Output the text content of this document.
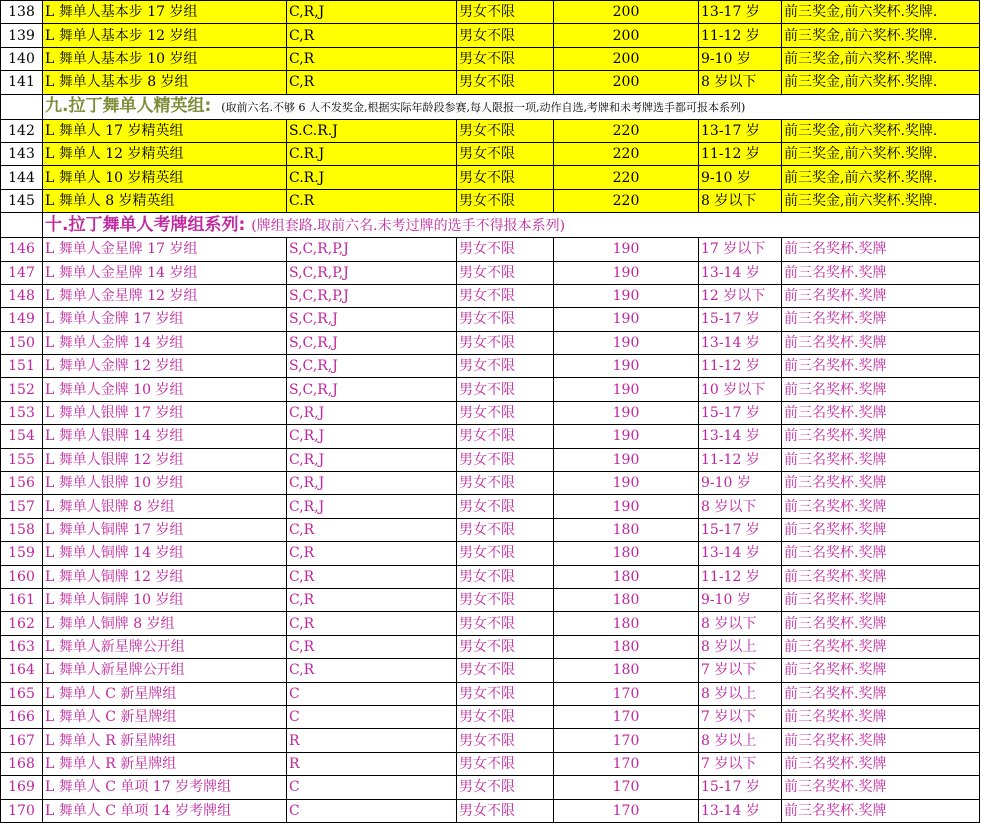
138	L 舞单人基本步 17 岁组	C,R,J	男女不限	200	13-17 岁	前三奖金,前六奖杯.奖牌.
139	L 舞单人基本步 12 岁组	C,R	男女不限	200	11-12 岁	前三奖金,前六奖杯.奖牌.
140	L 舞单人基本步 10 岁组	C,R	男女不限	200	9-10 岁	前三奖金,前六奖杯.奖牌.
141	L 舞单人基本步 8 岁组	C,R	男女不限	200	8 岁以下	前三奖金,前六奖杯.奖牌.
	九.拉丁舞单人精英组: (取前六名.不够 6 人不发奖金,根据实际年龄段参赛,每人限报一项,动作自选,考牌和未考牌选手都可报本系列)					
142	L 舞单人 17 岁精英组	S.C.R.J	男女不限	220	13-17 岁	前三奖金,前六奖杯.奖牌.
143	L 舞单人 12 岁精英组	C.R.J	男女不限	220	11-12 岁	前三奖金,前六奖杯.奖牌.
144	L 舞单人 10 岁精英组	C.R.J	男女不限	220	9-10 岁	前三奖金,前六奖杯.奖牌.
145	L 舞单人 8 岁精英组	C.R	男女不限	220	8 岁以下	前三奖金,前六奖杯.奖牌.
	十.拉丁舞单人考牌组系列: (牌组套路.取前六名.未考过牌的选手不得报本系列)					
146	L 舞单人金星牌 17 岁组	S,C,R,P,J	男女不限	190	17 岁以下	前三名奖杯.奖牌
147	L 舞单人金星牌 14 岁组	S,C,R,P,J	男女不限	190	13-14 岁	前三名奖杯.奖牌
148	L 舞单人金星牌 12 岁组	S,C,R,P,J	男女不限	190	12 岁以下	前三名奖杯.奖牌
149	L 舞单人金牌 17 岁组	S,C,R,J	男女不限	190	15-17 岁	前三名奖杯.奖牌
150	L 舞单人金牌 14 岁组	S,C,R,J	男女不限	190	13-14 岁	前三名奖杯.奖牌
151	L 舞单人金牌 12 岁组	S,C,R,J	男女不限	190	11-12 岁	前三名奖杯.奖牌
152	L 舞单人金牌 10 岁组	S,C,R,J	男女不限	190	10 岁以下	前三名奖杯.奖牌
153	L 舞单人银牌 17 岁组	C,R,J	男女不限	190	15-17 岁	前三名奖杯.奖牌
154	L 舞单人银牌 14 岁组	C,R,J	男女不限	190	13-14 岁	前三名奖杯.奖牌
155	L 舞单人银牌 12 岁组	C,R,J	男女不限	190	11-12 岁	前三名奖杯.奖牌
156	L 舞单人银牌 10 岁组	C,R,J	男女不限	190	9-10 岁	前三名奖杯.奖牌
157	L 舞单人银牌 8 岁组	C,R,J	男女不限	190	8 岁以下	前三名奖杯.奖牌
158	L 舞单人铜牌 17 岁组	C,R	男女不限	180	15-17 岁	前三名奖杯.奖牌
159	L 舞单人铜牌 14 岁组	C,R	男女不限	180	13-14 岁	前三名奖杯.奖牌
160	L 舞单人铜牌 12 岁组	C,R	男女不限	180	11-12 岁	前三名奖杯.奖牌
161	L 舞单人铜牌 10 岁组	C,R	男女不限	180	9-10 岁	前三名奖杯.奖牌
162	L 舞单人铜牌 8 岁组	C,R	男女不限	180	8 岁以下	前三名奖杯.奖牌
163	L 舞单人新星牌公开组	C,R	男女不限	180	8 岁以上	前三名奖杯.奖牌
164	L 舞单人新星牌公开组	C,R	男女不限	180	7 岁以下	前三名奖杯.奖牌
165	L 舞单人 C 新星牌组	C	男女不限	170	8 岁以上	前三名奖杯.奖牌
166	L 舞单人 C 新星牌组	C	男女不限	170	7 岁以下	前三名奖杯.奖牌
167	L 舞单人 R 新星牌组	R	男女不限	170	8 岁以上	前三名奖杯.奖牌
168	L 舞单人 R 新星牌组	R	男女不限	170	7 岁以下	前三名奖杯.奖牌
169	L 舞单人 C 单项 17 岁考牌组	C	男女不限	170	15-17 岁	前三名奖杯.奖牌
170	L 舞单人 C 单项 14 岁考牌组	C	男女不限	170	13-14 岁	前三名奖杯.奖牌
